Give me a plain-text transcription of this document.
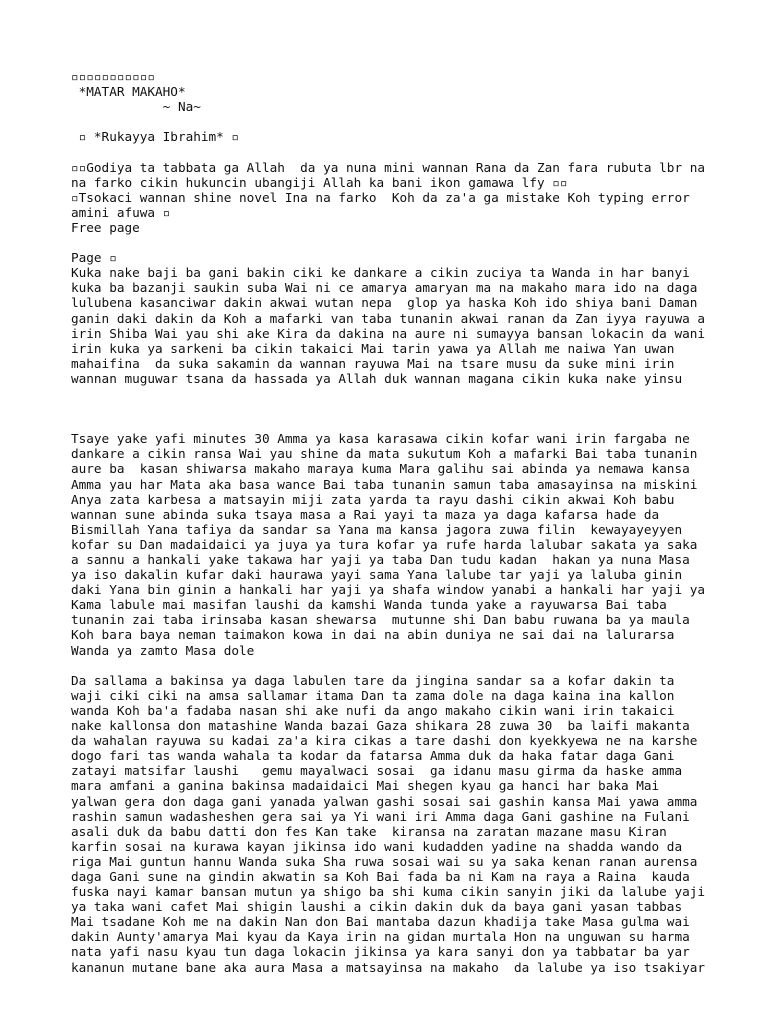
▫▫▫▫▫▫▫▫▫▫▫
*MATAR MAKAHO*
~ Na~

▫ *Rukayya Ibrahim* ▫

▫▫Godiya ta tabbata ga Allah  da ya nuna mini wannan Rana da Zan fara rubuta lbr na
na farko cikin hukuncin ubangiji Allah ka bani ikon gamawa lfy ▫▫
▫Tsokaci wannan shine novel Ina na farko  Koh da za'a ga mistake Koh typing error
amini afuwa ▫
Free page

Page ▫
Kuka nake baji ba gani bakin ciki ke dankare a cikin zuciya ta Wanda in har banyi
kuka ba bazanji saukin suba Wai ni ce amarya amaryan ma na makaho mara ido na daga
lulubena kasanciwar dakin akwai wutan nepa  glop ya haska Koh ido shiya bani Daman
ganin daki dakin da Koh a mafarki van taba tunanin akwai ranan da Zan iyya rayuwa a
irin Shiba Wai yau shi ake Kira da dakina na aure ni sumayya bansan lokacin da wani
irin kuka ya sarkeni ba cikin takaici Mai tarin yawa ya Allah me naiwa Yan uwan
mahaifina  da suka sakamin da wannan rayuwa Mai na tsare musu da suke mini irin
wannan muguwar tsana da hassada ya Allah duk wannan magana cikin kuka nake yinsu

Tsaye yake yafi minutes 30 Amma ya kasa karasawa cikin kofar wani irin fargaba ne
dankare a cikin ransa Wai yau shine da mata sukutum Koh a mafarki Bai taba tunanin
aure ba  kasan shiwarsa makaho maraya kuma Mara galihu sai abinda ya nemawa kansa
Amma yau har Mata aka basa wance Bai taba tunanin samun taba amasayinsa na miskini
Anya zata karbesa a matsayin miji zata yarda ta rayu dashi cikin akwai Koh babu
wannan sune abinda suka tsaya masa a Rai yayi ta maza ya daga kafarsa hade da
Bismillah Yana tafiya da sandar sa Yana ma kansa jagora zuwa filin  kewayayeyyen
kofar su Dan madaidaici ya juya ya tura kofar ya rufe harda lalubar sakata ya saka
a sannu a hankali yake takawa har yaji ya taba Dan tudu kadan  hakan ya nuna Masa
ya iso dakalin kufar daki haurawa yayi sama Yana lalube tar yaji ya laluba ginin
daki Yana bin ginin a hankali har yaji ya shafa window yanabi a hankali har yaji ya
Kama labule mai masifan laushi da kamshi Wanda tunda yake a rayuwarsa Bai taba
tunanin zai taba irinsaba kasan shewarsa  mutunne shi Dan babu ruwana ba ya maula
Koh bara baya neman taimakon kowa in dai na abin duniya ne sai dai na lalurarsa
Wanda ya zamto Masa dole

Da sallama a bakinsa ya daga labulen tare da jingina sandar sa a kofar dakin ta
waji ciki ciki na amsa sallamar itama Dan ta zama dole na daga kaina ina kallon
wanda Koh ba'a fadaba nasan shi ake nufi da ango makaho cikin wani irin takaici
nake kallonsa don matashine Wanda bazai Gaza shikara 28 zuwa 30  ba laifi makanta
da wahalan rayuwa su kadai za'a kira cikas a tare dashi don kyekkyewa ne na karshe
dogo fari tas wanda wahala ta kodar da fatarsa Amma duk da haka fatar daga Gani
zatayi matsifar laushi   gemu mayalwaci sosai  ga idanu masu girma da haske amma
mara amfani a ganina bakinsa madaidaici Mai shegen kyau ga hanci har baka Mai
yalwan gera don daga gani yanada yalwan gashi sosai sai gashin kansa Mai yawa amma
rashin samun wadasheshen gera sai ya Yi wani iri Amma daga Gani gashine na Fulani
asali duk da babu datti don fes Kan take  kiransa na zaratan mazane masu Kiran
karfin sosai na kurawa kayan jikinsa ido wani kudadden yadine na shadda wando da
riga Mai guntun hannu Wanda suka Sha ruwa sosai wai su ya saka kenan ranan aurensa
daga Gani sune na gindin akwatin sa Koh Bai fada ba ni Kam na raya a Raina  kauda
fuska nayi kamar bansan mutun ya shigo ba shi kuma cikin sanyin jiki da lalube yaji
ya taka wani cafet Mai shigin laushi a cikin dakin duk da baya gani yasan tabbas
Mai tsadane Koh me na dakin Nan don Bai mantaba dazun khadija take Masa gulma wai
dakin Aunty'amarya Mai kyau da Kaya irin na gidan murtala Hon na unguwan su harma
nata yafi nasu kyau tun daga lokacin jikinsa ya kara sanyi don ya tabbatar ba yar
kananun mutane bane aka aura Masa a matsayinsa na makaho  da lalube ya iso tsakiyar
